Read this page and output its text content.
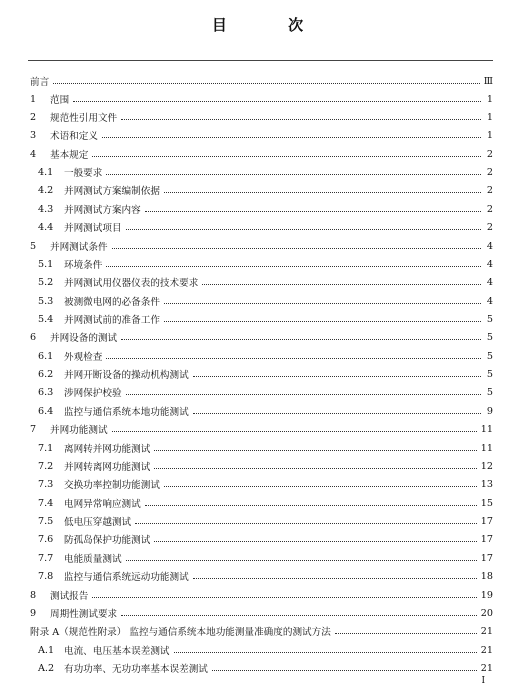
目 次
前言	Ⅲ
1	范围	1
2	规范性引用文件	1
3	术语和定义	1
4	基本规定	2
4.1	一般要求	2
4.2	并网测试方案编制依据	2
4.3	并网测试方案内容	2
4.4	并网测试项目	2
5	并网测试条件	4
5.1	环境条件	4
5.2	并网测试用仪器仪表的技术要求	4
5.3	被测微电网的必备条件	4
5.4	并网测试前的准备工作	5
6	并网设备的测试	5
6.1	外观检查	5
6.2	并网开断设备的操动机构测试	5
6.3	涉网保护校验	5
6.4	监控与通信系统本地功能测试	9
7	并网功能测试	11
7.1	离网转并网功能测试	11
7.2	并网转离网功能测试	12
7.3	交换功率控制功能测试	13
7.4	电网异常响应测试	15
7.5	低电压穿越测试	17
7.6	防孤岛保护功能测试	17
7.7	电能质量测试	17
7.8	监控与通信系统远动功能测试	18
8	测试报告	19
9	周期性测试要求	20
附录 A（规范性附录） 监控与通信系统本地功能测量准确度的测试方法	21
A.1	电流、电压基本误差测试	21
A.2	有功功率、无功功率基本误差测试	21
Ⅰ
